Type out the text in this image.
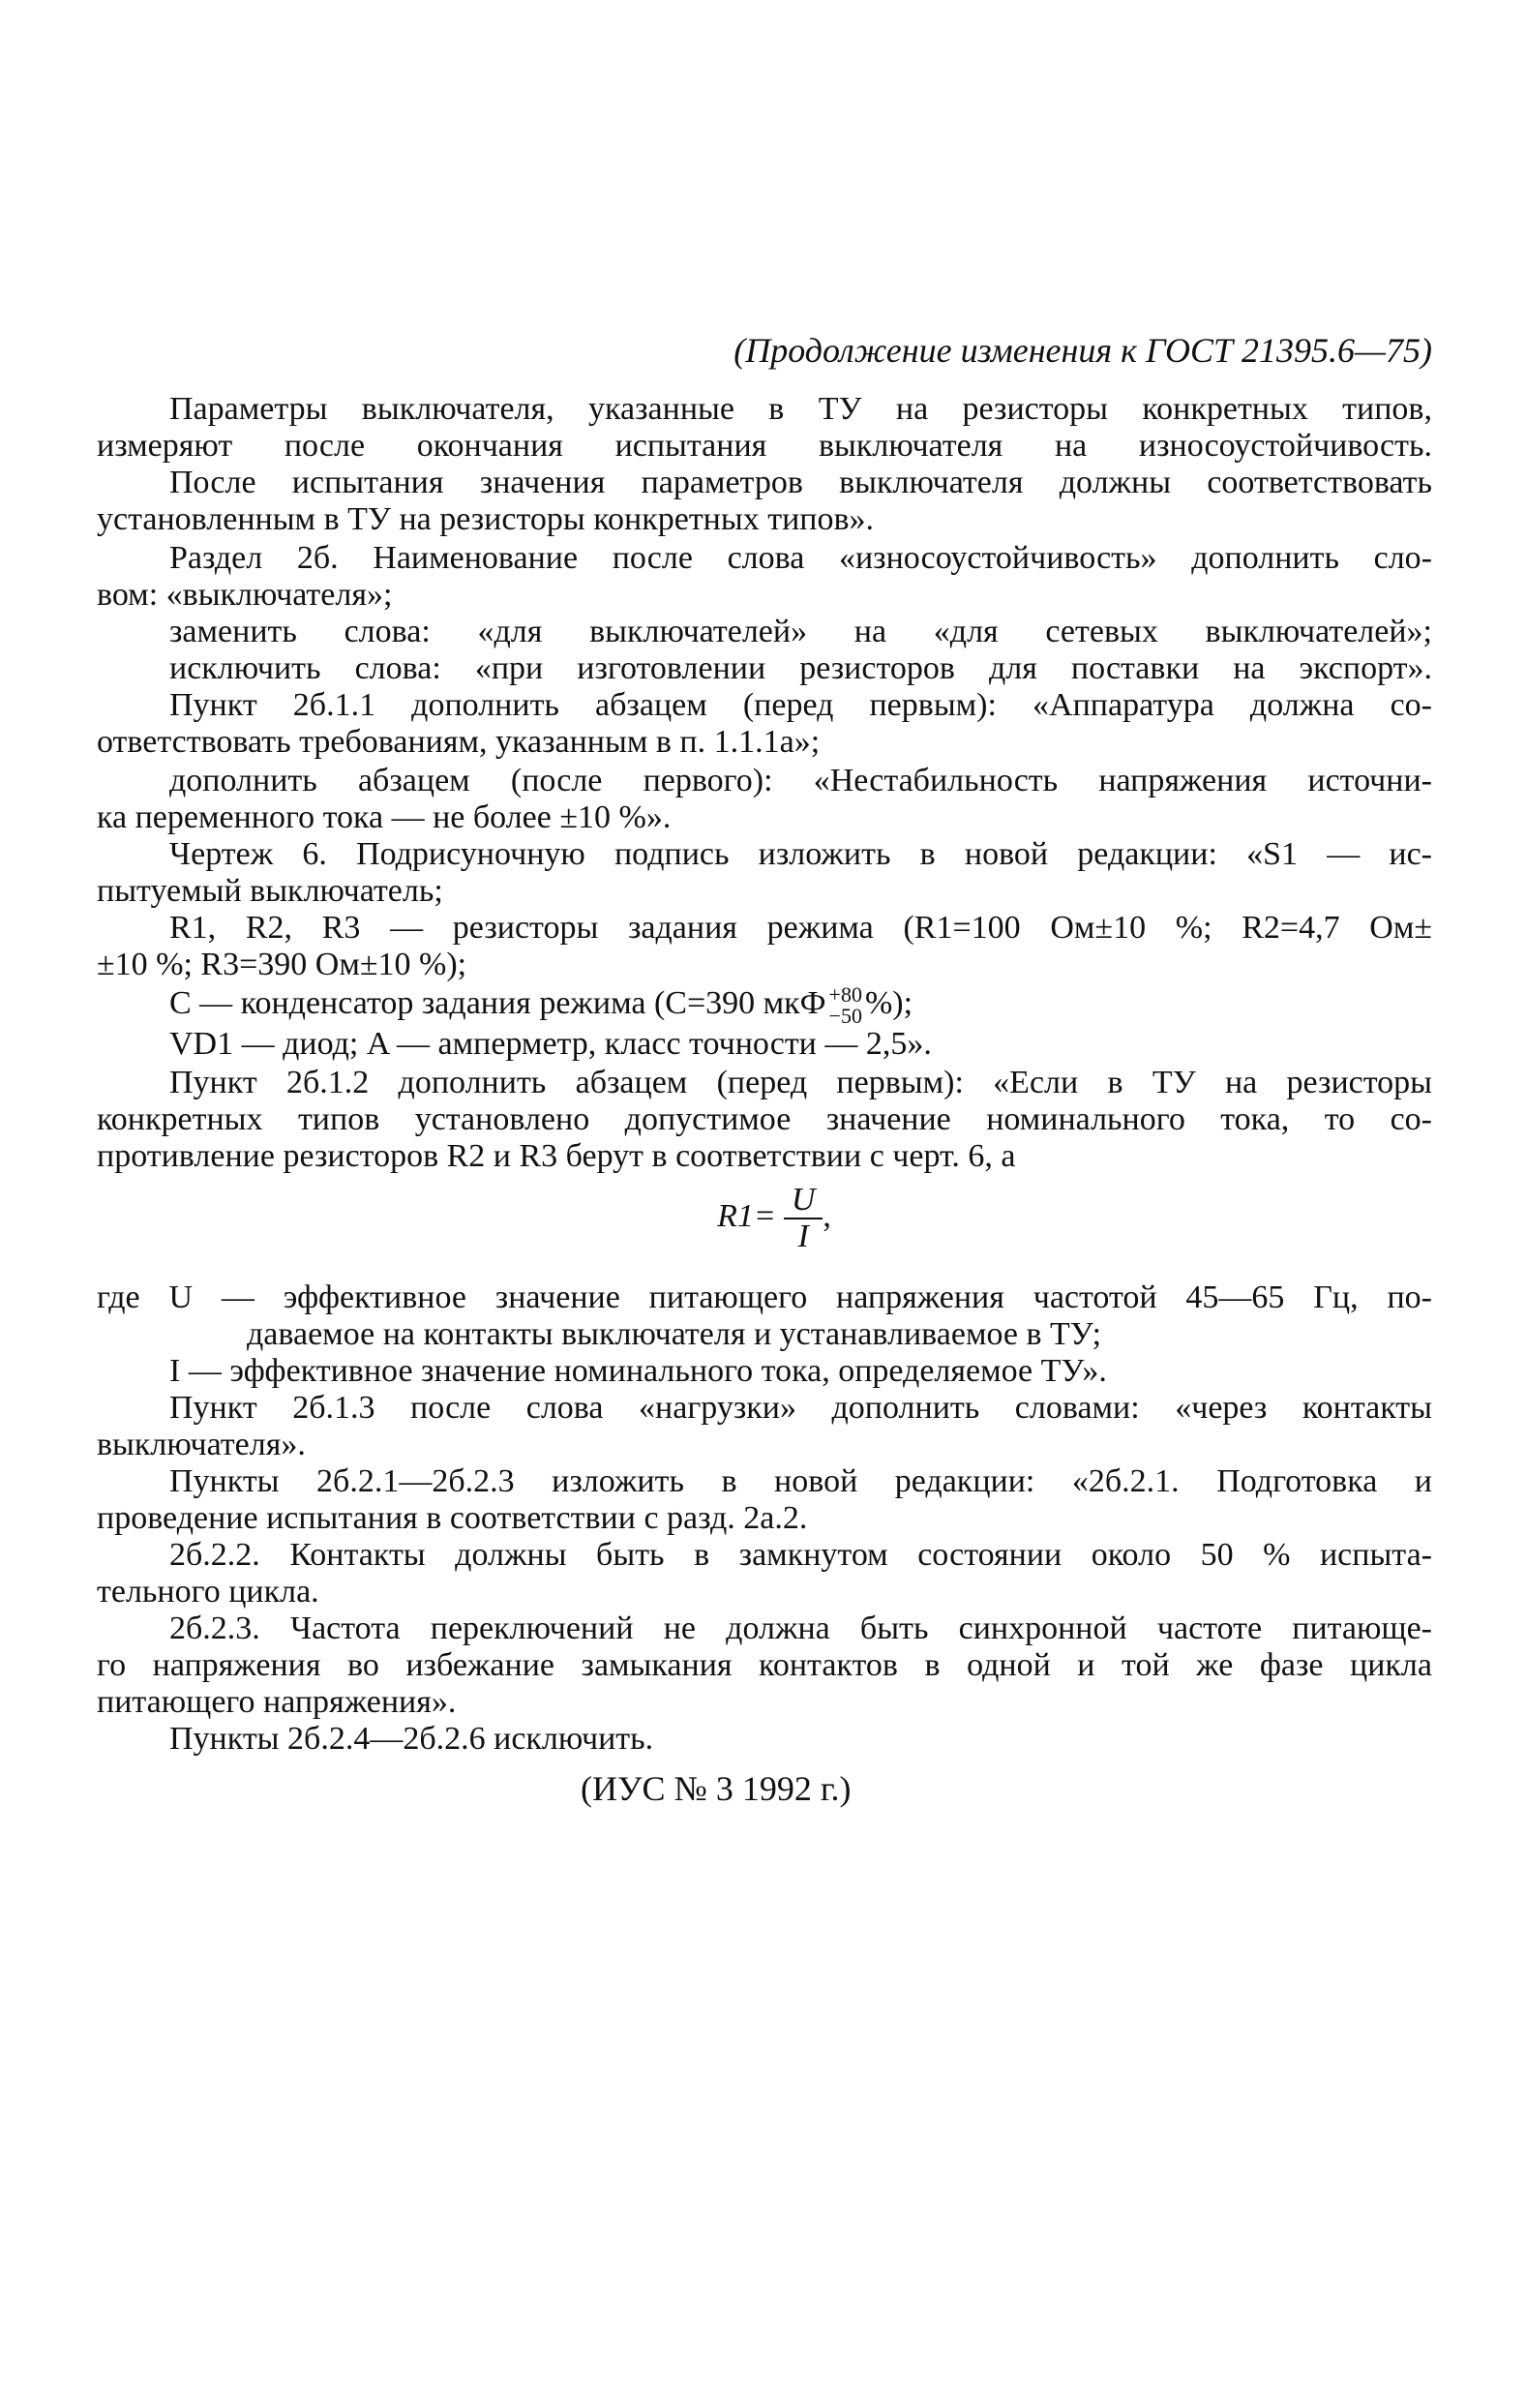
(Продолжение изменения к ГОСТ 21395.6—75)
Параметры выключателя, указанные в ТУ на резисторы конкретных типов,
измеряют после окончания испытания выключателя на износоустойчивость.
После испытания значения параметров выключателя должны соответствовать
установленным в ТУ на резисторы конкретных типов».
Раздел 2б. Наименование после слова «износоустойчивость» дополнить сло-
вом: «выключателя»;
заменить слова: «для выключателей» на «для сетевых выключателей»;
исключить слова: «при изготовлении резисторов для поставки на экспорт».
Пункт 2б.1.1 дополнить абзацем (перед первым): «Аппаратура должна со-
ответствовать требованиям, указанным в п. 1.1.1а»;
дополнить абзацем (после первого): «Нестабильность напряжения источни-
ка переменного тока — не более ±10 %».
Чертеж 6. Подрисуночную подпись изложить в новой редакции: «S1 — ис-
пытуемый выключатель;
R1, R2, R3 — резисторы задания режима (R1=100 Ом±10 %; R2=4,7 Ом±
±10 %; R3=390 Ом±10 %);
C — конденсатор задания режима (C=390 мкФ +80
−50 %);
VD1 — диод; A — амперметр, класс точности — 2,5».
Пункт 2б.1.2 дополнить абзацем (перед первым): «Если в ТУ на резисторы
конкретных типов установлено допустимое значение номинального тока, то со-
противление резисторов R2 и R3 берут в соответствии с черт. 6, а
$R1= \frac{U}{I}$ ,
где U — эффективное значение питающего напряжения частотой 45—65 Гц, по-
даваемое на контакты выключателя и устанавливаемое в ТУ;
I — эффективное значение номинального тока, определяемое ТУ».
Пункт 2б.1.3 после слова «нагрузки» дополнить словами: «через контакты
выключателя».
Пункты 2б.2.1—2б.2.3 изложить в новой редакции: «2б.2.1. Подготовка и
проведение испытания в соответствии с разд. 2а.2.
2б.2.2. Контакты должны быть в замкнутом состоянии около 50 % испыта-
тельного цикла.
2б.2.3. Частота переключений не должна быть синхронной частоте питающе-
го напряжения во избежание замыкания контактов в одной и той же фазе цикла
питающего напряжения».
Пункты 2б.2.4—2б.2.6 исключить.
(ИУС № 3 1992 г.)
